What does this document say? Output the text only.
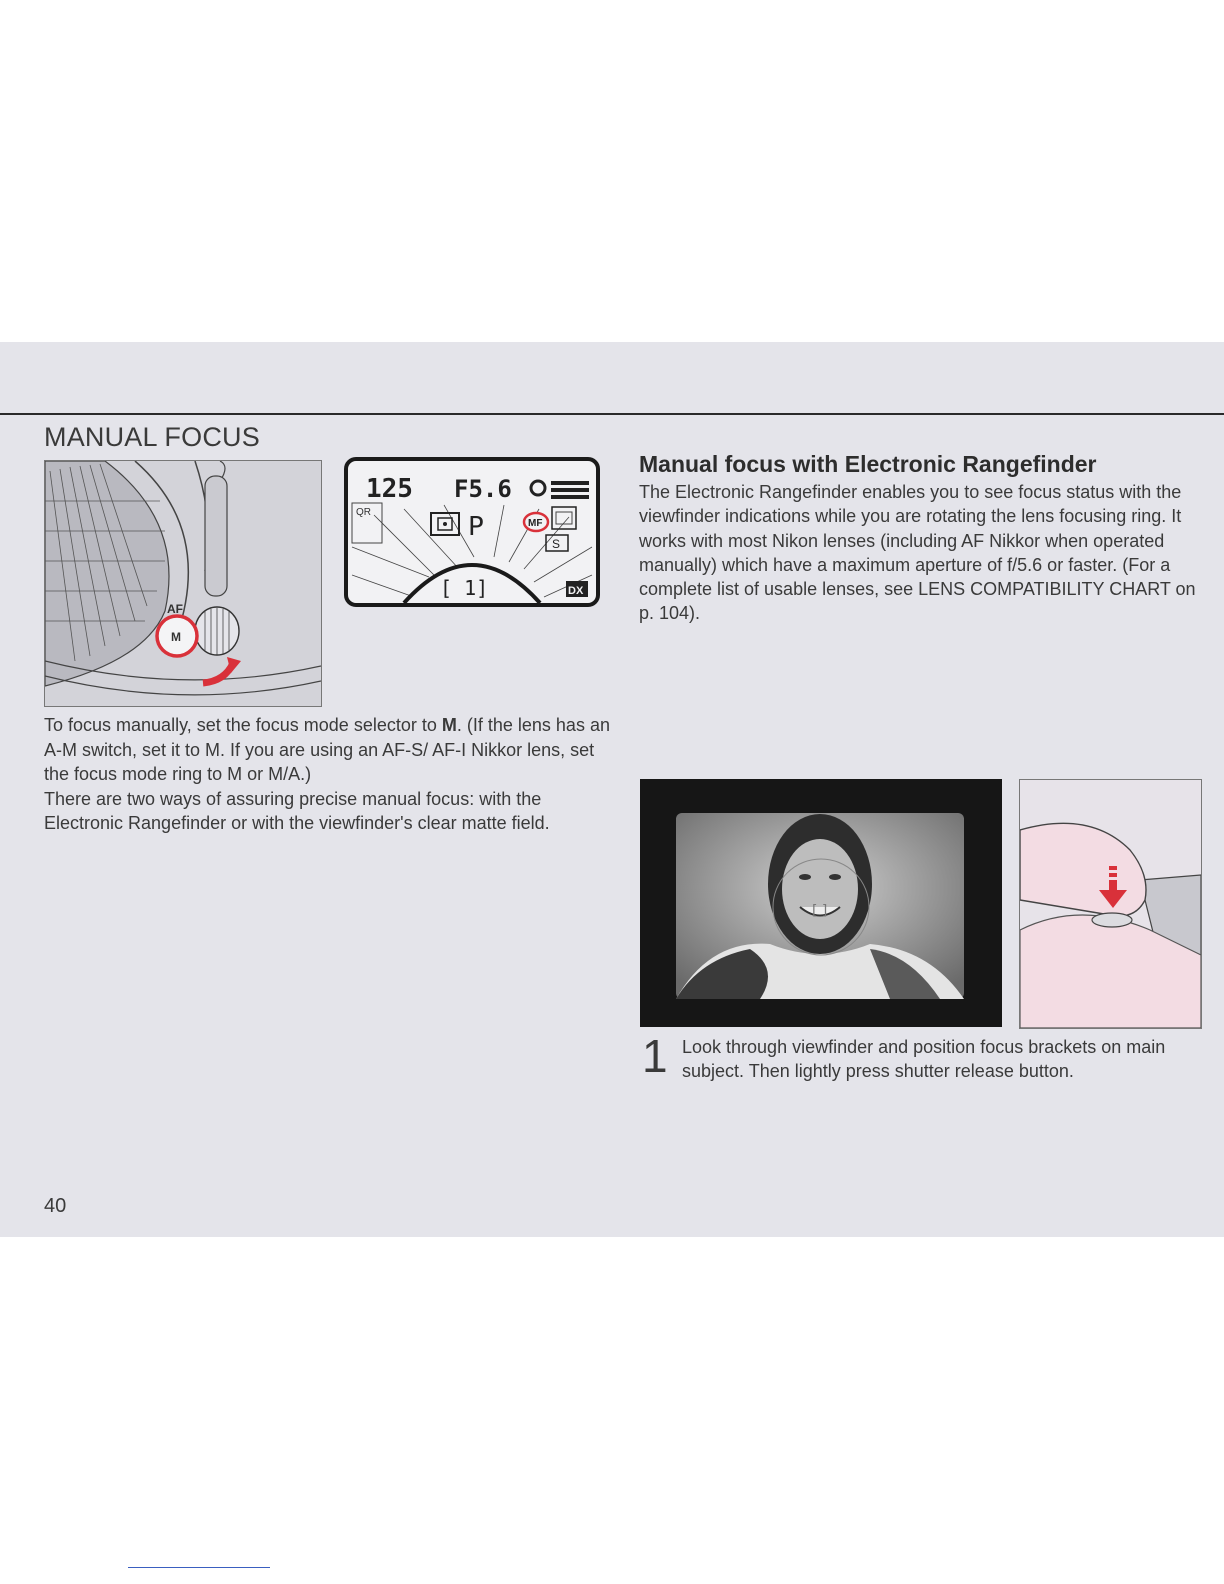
MANUAL FOCUS
AF
M
QR
125 F5.6
P	MF
S
[ 1]	DX

To focus manually, set the focus mode selector to M. (If the lens has an A-M switch, set it to M. If you are using an AF-S/ AF-I Nikkor lens, set the focus mode ring to M or M/A.)

There are two ways of assuring precise manual focus: with the Electronic Rangefinder or with the viewfinder's clear matte field.

Manual focus with Electronic Rangefinder
The Electronic Rangefinder enables you to see focus status with the viewfinder indications while you are rotating the lens focusing ring. It works with most Nikon lenses (including AF Nikkor when operated manually) which have a maximum aperture of f/5.6 or faster. (For a complete list of usable lenses, see LENS COMPATIBILITY CHART on p. 104).
[ ]
1 Look through viewfinder and position focus brackets on main subject. Then lightly press shutter release button.
40
